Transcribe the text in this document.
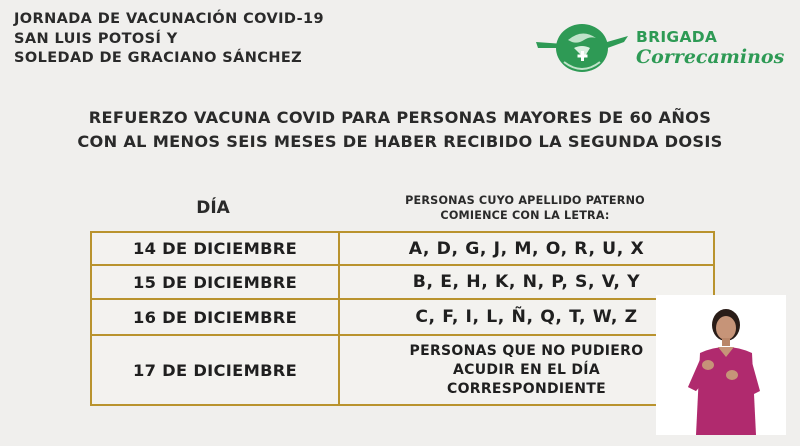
JORNADA DE VACUNACIÓN COVID-19
SAN LUIS POTOSÍ Y
SOLEDAD DE GRACIANO SÁNCHEZ
BRIGADA
Correcaminos
REFUERZO VACUNA COVID PARA PERSONAS MAYORES DE 60 AÑOS
CON AL MENOS SEIS MESES DE HABER RECIBIDO LA SEGUNDA DOSIS
DÍA	PERSONAS CUYO APELLIDO PATERNO
COMIENCE CON LA LETRA:
14 DE DICIEMBRE	A, D, G, J, M, O, R, U, X
15 DE DICIEMBRE	B, E, H, K, N, P, S, V, Y
16 DE DICIEMBRE	C, F, I, L, Ñ, Q, T, W, Z
17 DE DICIEMBRE	PERSONAS QUE NO PUDIERO
ACUDIR EN EL DÍA
CORRESPONDIENTE
